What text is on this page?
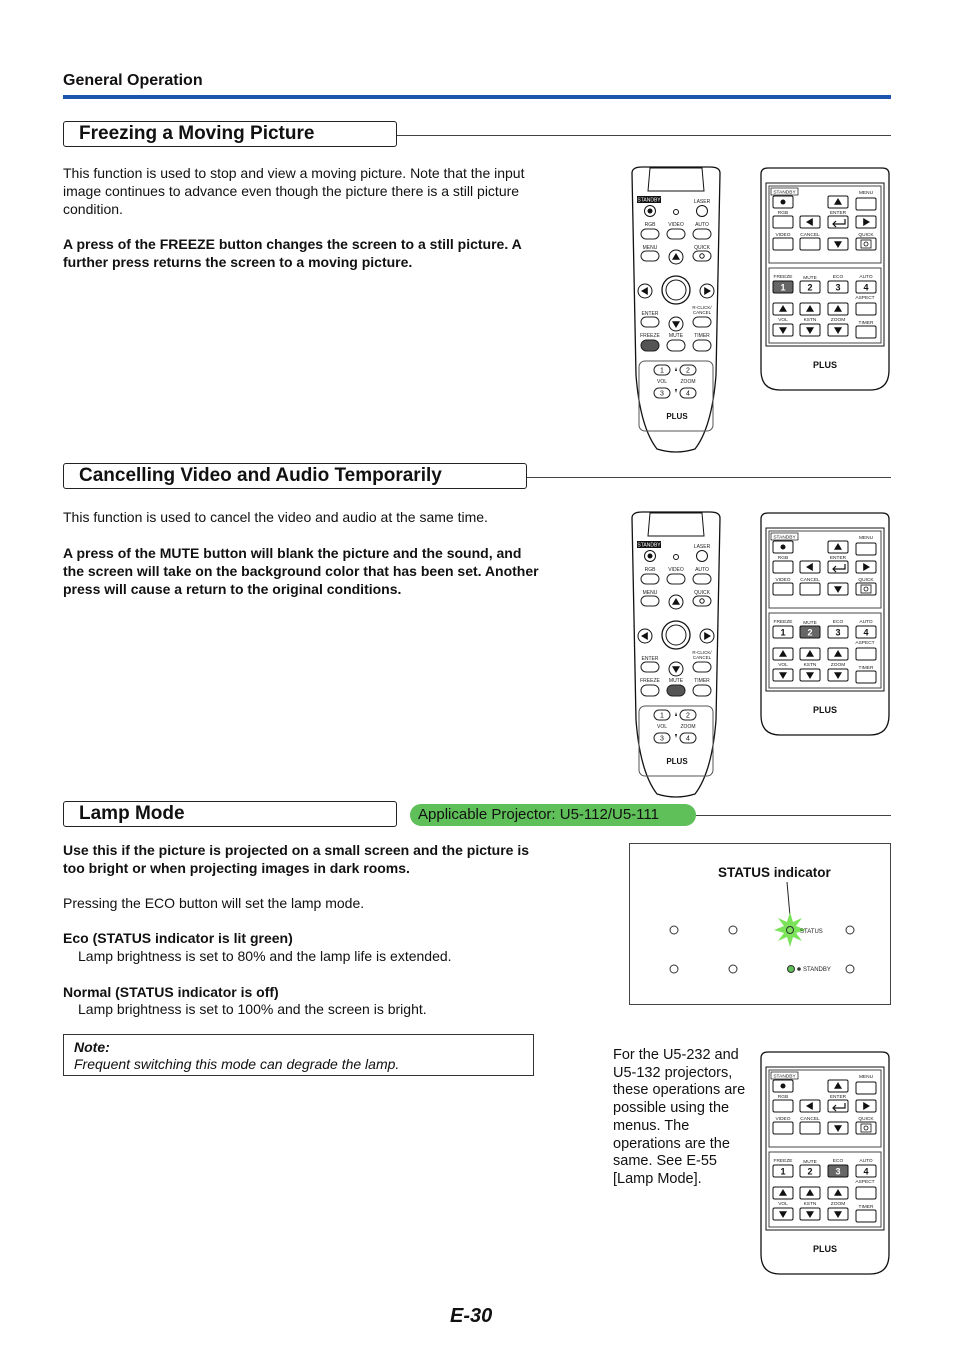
General Operation
Freezing a Moving Picture
This function is used to stop and view a moving picture. Note that the input image continues to advance even though the picture there is a still picture condition.
A press of the FREEZE button changes the screen to a still picture. A further press returns the screen to a moving picture.
Cancelling Video and Audio Temporarily
This function is used to cancel the video and audio at the same time.
A press of the MUTE button will blank the picture and the sound, and the screen will take on the background color that has been set. Another press will cause a return to the original conditions.
Lamp Mode	Applicable Projector: U5-112/U5-111
Use this if the picture is projected on a small screen and the picture is too bright or when projecting images in dark rooms.
Pressing the ECO button will set the lamp mode.
Eco (STATUS indicator is lit green)
Lamp brightness is set to 80% and the lamp life is extended.
Normal (STATUS indicator is off)
Lamp brightness is set to 100% and the screen is bright.
Note:
Frequent switching this mode can degrade the lamp.
For the U5-232 and U5-132 projectors, these operations are possible using the menus. The operations are the same. See E-55 [Lamp Mode].
STATUS indicator
STATUS
STANDBY
STANDBY	LASER
RGB	VIDEO AUTO
MENU	QUICK
ENTER
R-CLICK/
CANCEL
FREEZE MUTE TIMER
1	2
3	4
VOL	ZOOM
PLUS
STANDBY	LASER
RGB	VIDEO AUTO
MENU	QUICK
ENTER
R-CLICK/
CANCEL
FREEZE MUTE TIMER
1	2
3	4
VOL	ZOOM
PLUS
STANDBY	MENU
RGB	ENTER
VIDEO CANCEL	QUICK
FREEZE MUTE	ECO	AUTO
ASPECT
1 2	3	4
VOL	KSTN	ZOOM
TIMER
PLUS
STANDBY	MENU
RGB	ENTER
VIDEO CANCEL	QUICK
FREEZE MUTE	ECO	AUTO
ASPECT
1 2	3	4
VOL	KSTN	ZOOM
TIMER
PLUS
STANDBY	MENU
RGB	ENTER
VIDEO CANCEL	QUICK
FREEZE MUTE	ECO	AUTO
ASPECT
1 2	3	4
VOL	KSTN	ZOOM
TIMER
PLUS
E-30
